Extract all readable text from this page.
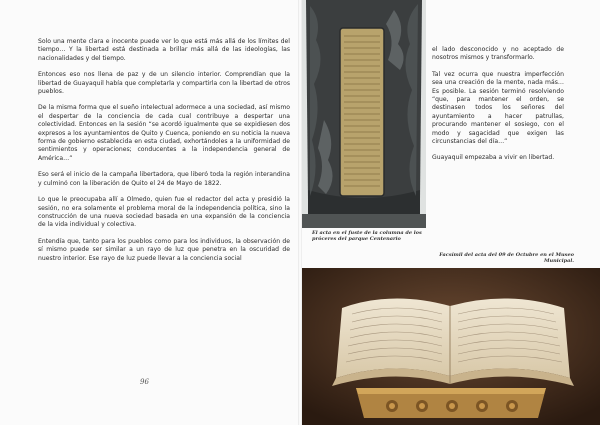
Solo una mente clara e inocente puede ver lo que está más allá de los límites del tiempo… Y la libertad está destinada a brillar más allá de las ideologías, las nacionalidades y del tiempo.

Entonces eso nos llena de paz y de un silencio interior. Comprendían que la libertad de Guayaquil había que completarla y compartirla con la libertad de otros pueblos.

De la misma forma que el sueño intelectual adormece a una sociedad, así mismo el despertar de la conciencia de cada cual contribuye a despertar una colectividad. Entonces en la sesión “se acordó igualmente que se expidiesen dos expresos a los ayuntamientos de Quito y Cuenca, poniendo en su noticia la nueva forma de gobierno establecida en esta ciudad, exhortándoles a la uniformidad de sentimientos y operaciones; conducentes a la independencia general de América…”

Eso será el inicio de la campaña libertadora, que liberó toda la región interandina y culminó con la liberación de Quito el 24 de Mayo de 1822.

Lo que le preocupaba allí a Olmedo, quien fue el redactor del acta y presidió la sesión, no era solamente el problema moral de la independencia política, sino la construcción de una nueva sociedad basada en una expansión de la conciencia de la vida individual y colectiva.

Entendía que, tanto para los pueblos como para los individuos, la observación de sí mismo puede ser similar a un rayo de luz que penetra en la oscuridad de nuestro interior. Ese rayo de luz puede llevar a la conciencia social

96
El acta en el fuste de la columna de los próceres del parque Centenario

el lado desconocido y no aceptado de nosotros mismos y transformarlo.

Tal vez ocurra que nuestra imperfección sea una creación de la mente, nada más…Es posible. La sesión terminó resolviendo “que, para mantener el orden, se destinasen todos los señores del ayuntamiento a hacer patrullas, procurando mantener el sosiego, con el modo y sagacidad que exigen las circunstancias del día…”

Guayaquil empezaba a vivir en libertad.

Facsímil del acta del 09 de Octubre en el Museo Municipal.
